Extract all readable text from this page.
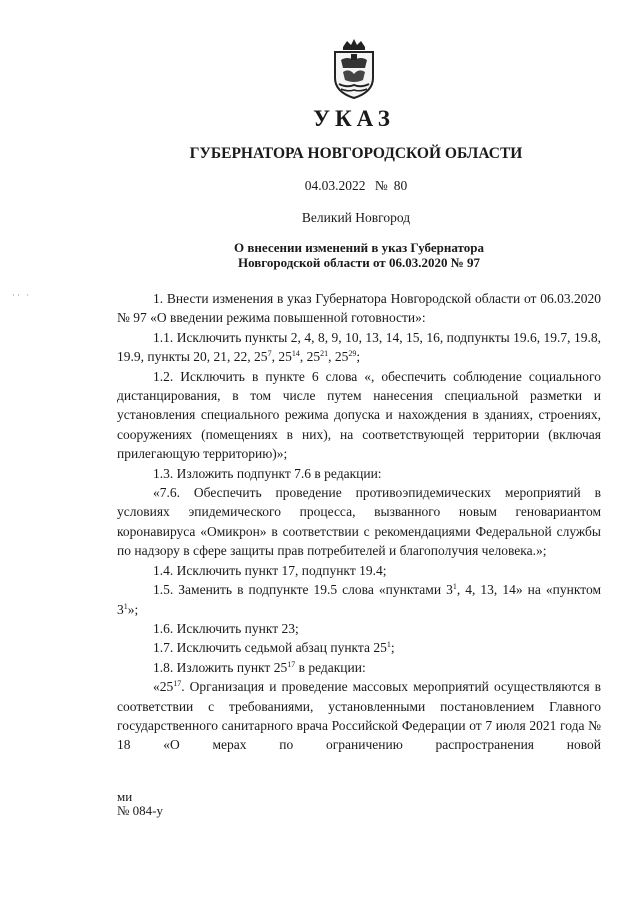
УКАЗ
ГУБЕРНАТОРА НОВГОРОДСКОЙ ОБЛАСТИ
04.03.2022 № 80
Великий Новгород
О внесении изменений в указ Губернатора
Новгородской области от 06.03.2020 № 97
·· ·	1. Внести изменения в указ Губернатора Новгородской области от 06.03.2020 № 97 «О введении режима повышенной готовности»:

1.1. Исключить пункты 2, 4, 8, 9, 10, 13, 14, 15, 16, подпункты 19.6, 19.7, 19.8, 19.9, пункты 20, 21, 22, $25^7$, $25^{14}$, $25^{21}$, $25^{29}$;

1.2. Исключить в пункте 6 слова «, обеспечить соблюдение социального дистанцирования, в том числе путем нанесения специальной разметки и установления специального режима допуска и нахождения в зданиях, строениях, сооружениях (помещениях в них), на соответствующей территории (включая прилегающую территорию)»;

1.3. Изложить подпункт 7.6 в редакции:

«7.6. Обеспечить проведение противоэпидемических мероприятий в условиях эпидемического процесса, вызванного новым геновариантом коронавируса «Омикрон» в соответствии с рекомендациями Федеральной службы по надзору в сфере защиты прав потребителей и благополучия человека.»;

1.4. Исключить пункт 17, подпункт 19.4;

1.5. Заменить в подпункте 19.5 слова «пунктами $3^1$, 4, 13, 14» на «пунктом $3^1$»;

1.6. Исключить пункт 23;

1.7. Исключить седьмой абзац пункта $25^1$;

1.8. Изложить пункт $25^{17}$ в редакции:

«$25^{17}$. Организация и проведение массовых мероприятий осуществляются в соответствии с требованиями, установленными постановлением Главного государственного санитарного врача Российской Федерации от 7 июля 2021 года № 18 «О мерах по ограничению распространения новой

ми
№ 084-у
